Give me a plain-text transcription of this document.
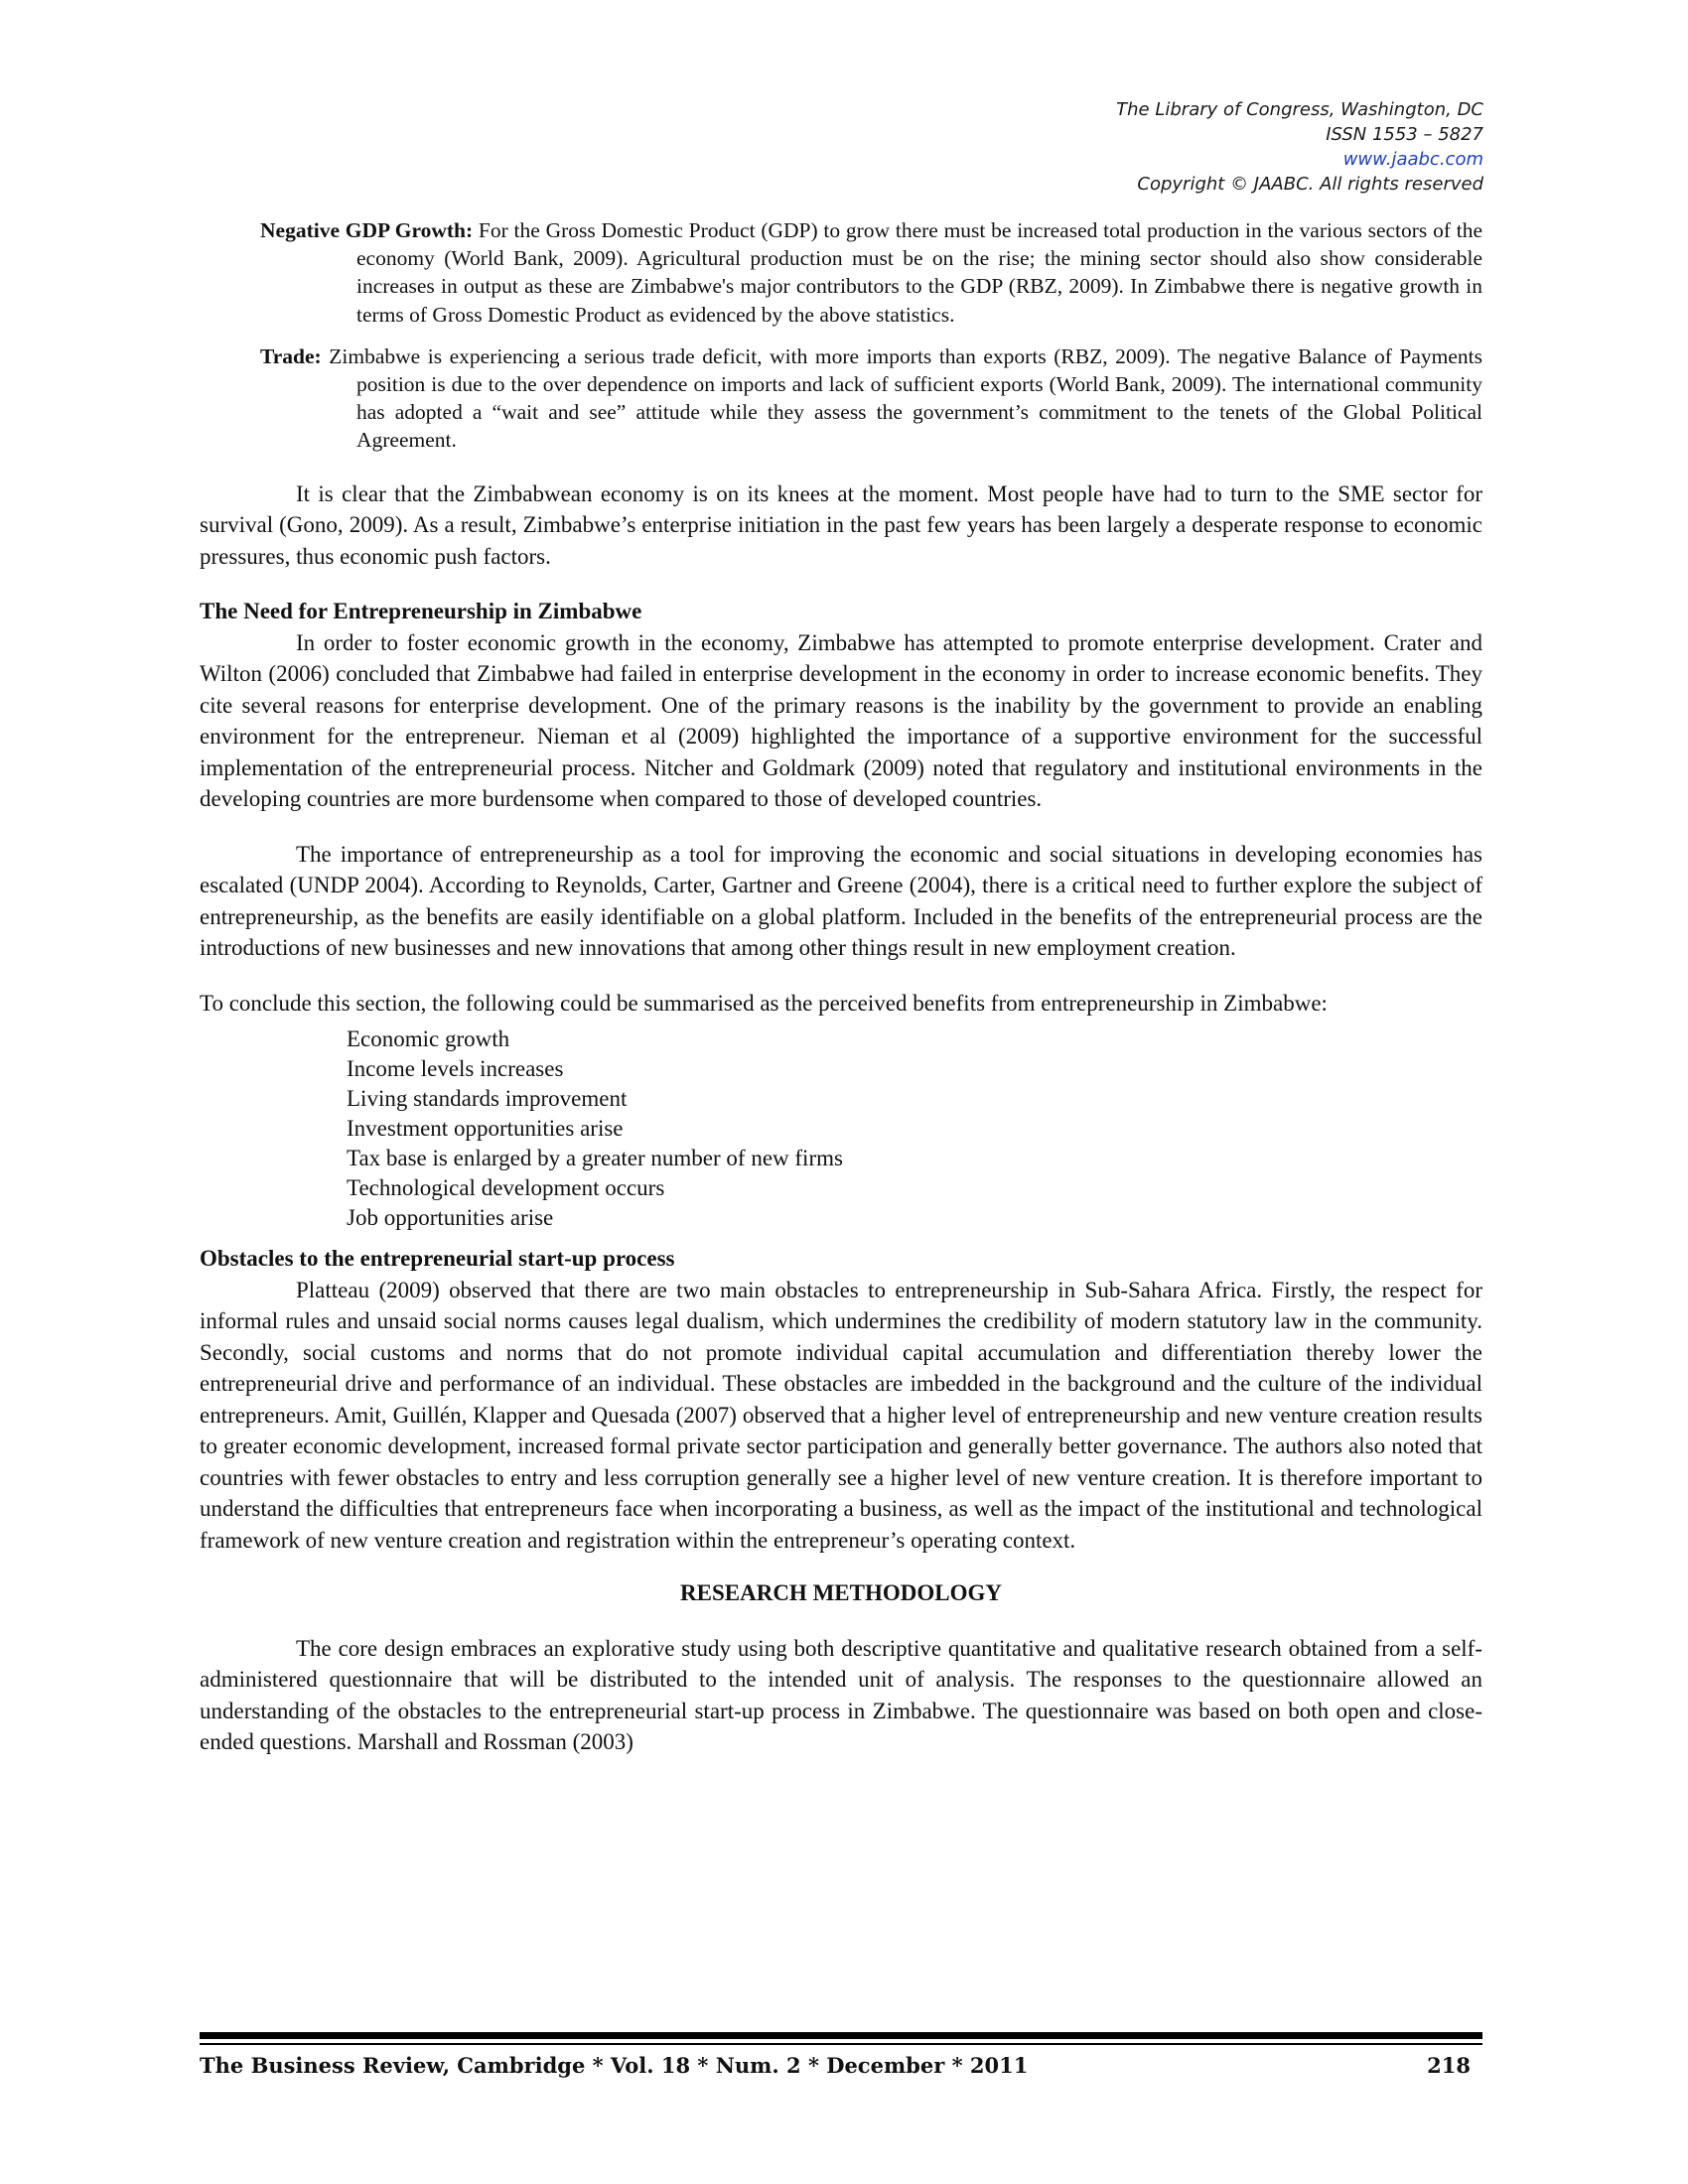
The Library of Congress, Washington, DC
ISSN 1553 – 5827
www.jaabc.com
Copyright © JAABC. All rights reserved

Negative GDP Growth: For the Gross Domestic Product (GDP) to grow there must be increased total production in the various sectors of the economy (World Bank, 2009). Agricultural production must be on the rise; the mining sector should also show considerable increases in output as these are Zimbabwe's major contributors to the GDP (RBZ, 2009). In Zimbabwe there is negative growth in terms of Gross Domestic Product as evidenced by the above statistics.

Trade: Zimbabwe is experiencing a serious trade deficit, with more imports than exports (RBZ, 2009). The negative Balance of Payments position is due to the over dependence on imports and lack of sufficient exports (World Bank, 2009). The international community has adopted a “wait and see” attitude while they assess the government’s commitment to the tenets of the Global Political Agreement.

It is clear that the Zimbabwean economy is on its knees at the moment. Most people have had to turn to the SME sector for survival (Gono, 2009). As a result, Zimbabwe’s enterprise initiation in the past few years has been largely a desperate response to economic pressures, thus economic push factors.

The Need for Entrepreneurship in Zimbabwe

In order to foster economic growth in the economy, Zimbabwe has attempted to promote enterprise development. Crater and Wilton (2006) concluded that Zimbabwe had failed in enterprise development in the economy in order to increase economic benefits. They cite several reasons for enterprise development. One of the primary reasons is the inability by the government to provide an enabling environment for the entrepreneur. Nieman et al (2009) highlighted the importance of a supportive environment for the successful implementation of the entrepreneurial process. Nitcher and Goldmark (2009) noted that regulatory and institutional environments in the developing countries are more burdensome when compared to those of developed countries.

The importance of entrepreneurship as a tool for improving the economic and social situations in developing economies has escalated (UNDP 2004). According to Reynolds, Carter, Gartner and Greene (2004), there is a critical need to further explore the subject of entrepreneurship, as the benefits are easily identifiable on a global platform. Included in the benefits of the entrepreneurial process are the introductions of new businesses and new innovations that among other things result in new employment creation.

To conclude this section, the following could be summarised as the perceived benefits from entrepreneurship in Zimbabwe:

Economic growth
Income levels increases
Living standards improvement
Investment opportunities arise
Tax base is enlarged by a greater number of new firms
Technological development occurs
Job opportunities arise
Obstacles to the entrepreneurial start-up process

Platteau (2009) observed that there are two main obstacles to entrepreneurship in Sub-Sahara Africa. Firstly, the respect for informal rules and unsaid social norms causes legal dualism, which undermines the credibility of modern statutory law in the community. Secondly, social customs and norms that do not promote individual capital accumulation and differentiation thereby lower the entrepreneurial drive and performance of an individual. These obstacles are imbedded in the background and the culture of the individual entrepreneurs. Amit, Guillén, Klapper and Quesada (2007) observed that a higher level of entrepreneurship and new venture creation results to greater economic development, increased formal private sector participation and generally better governance. The authors also noted that countries with fewer obstacles to entry and less corruption generally see a higher level of new venture creation. It is therefore important to understand the difficulties that entrepreneurs face when incorporating a business, as well as the impact of the institutional and technological framework of new venture creation and registration within the entrepreneur’s operating context.

RESEARCH METHODOLOGY

The core design embraces an explorative study using both descriptive quantitative and qualitative research obtained from a self-administered questionnaire that will be distributed to the intended unit of analysis. The responses to the questionnaire allowed an understanding of the obstacles to the entrepreneurial start-up process in Zimbabwe. The questionnaire was based on both open and close-ended questions. Marshall and Rossman (2003)

The Business Review, Cambridge * Vol. 18 * Num. 2 * December * 2011	218
